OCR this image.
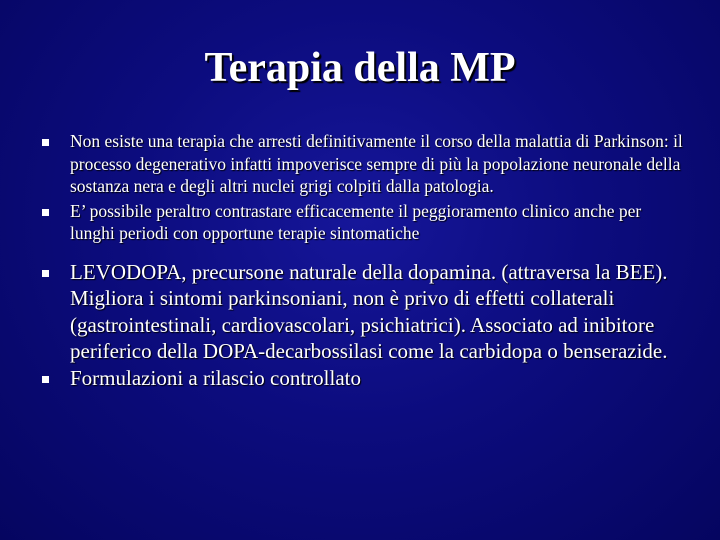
Terapia della MP
Non esiste una terapia che arresti definitivamente il corso della malattia di Parkinson: il processo degenerativo infatti impoverisce sempre di più la popolazione neuronale della sostanza nera e degli altri nuclei grigi colpiti dalla patologia.
E’ possibile peraltro contrastare efficacemente il peggioramento clinico anche per lunghi periodi con opportune terapie sintomatiche
LEVODOPA, precursone naturale della dopamina. (attraversa la BEE). Migliora i sintomi parkinsoniani, non è privo di effetti collaterali (gastrointestinali, cardiovascolari, psichiatrici). Associato ad inibitore periferico della DOPA-decarbossilasi come la carbidopa o benserazide.
Formulazioni a rilascio controllato
